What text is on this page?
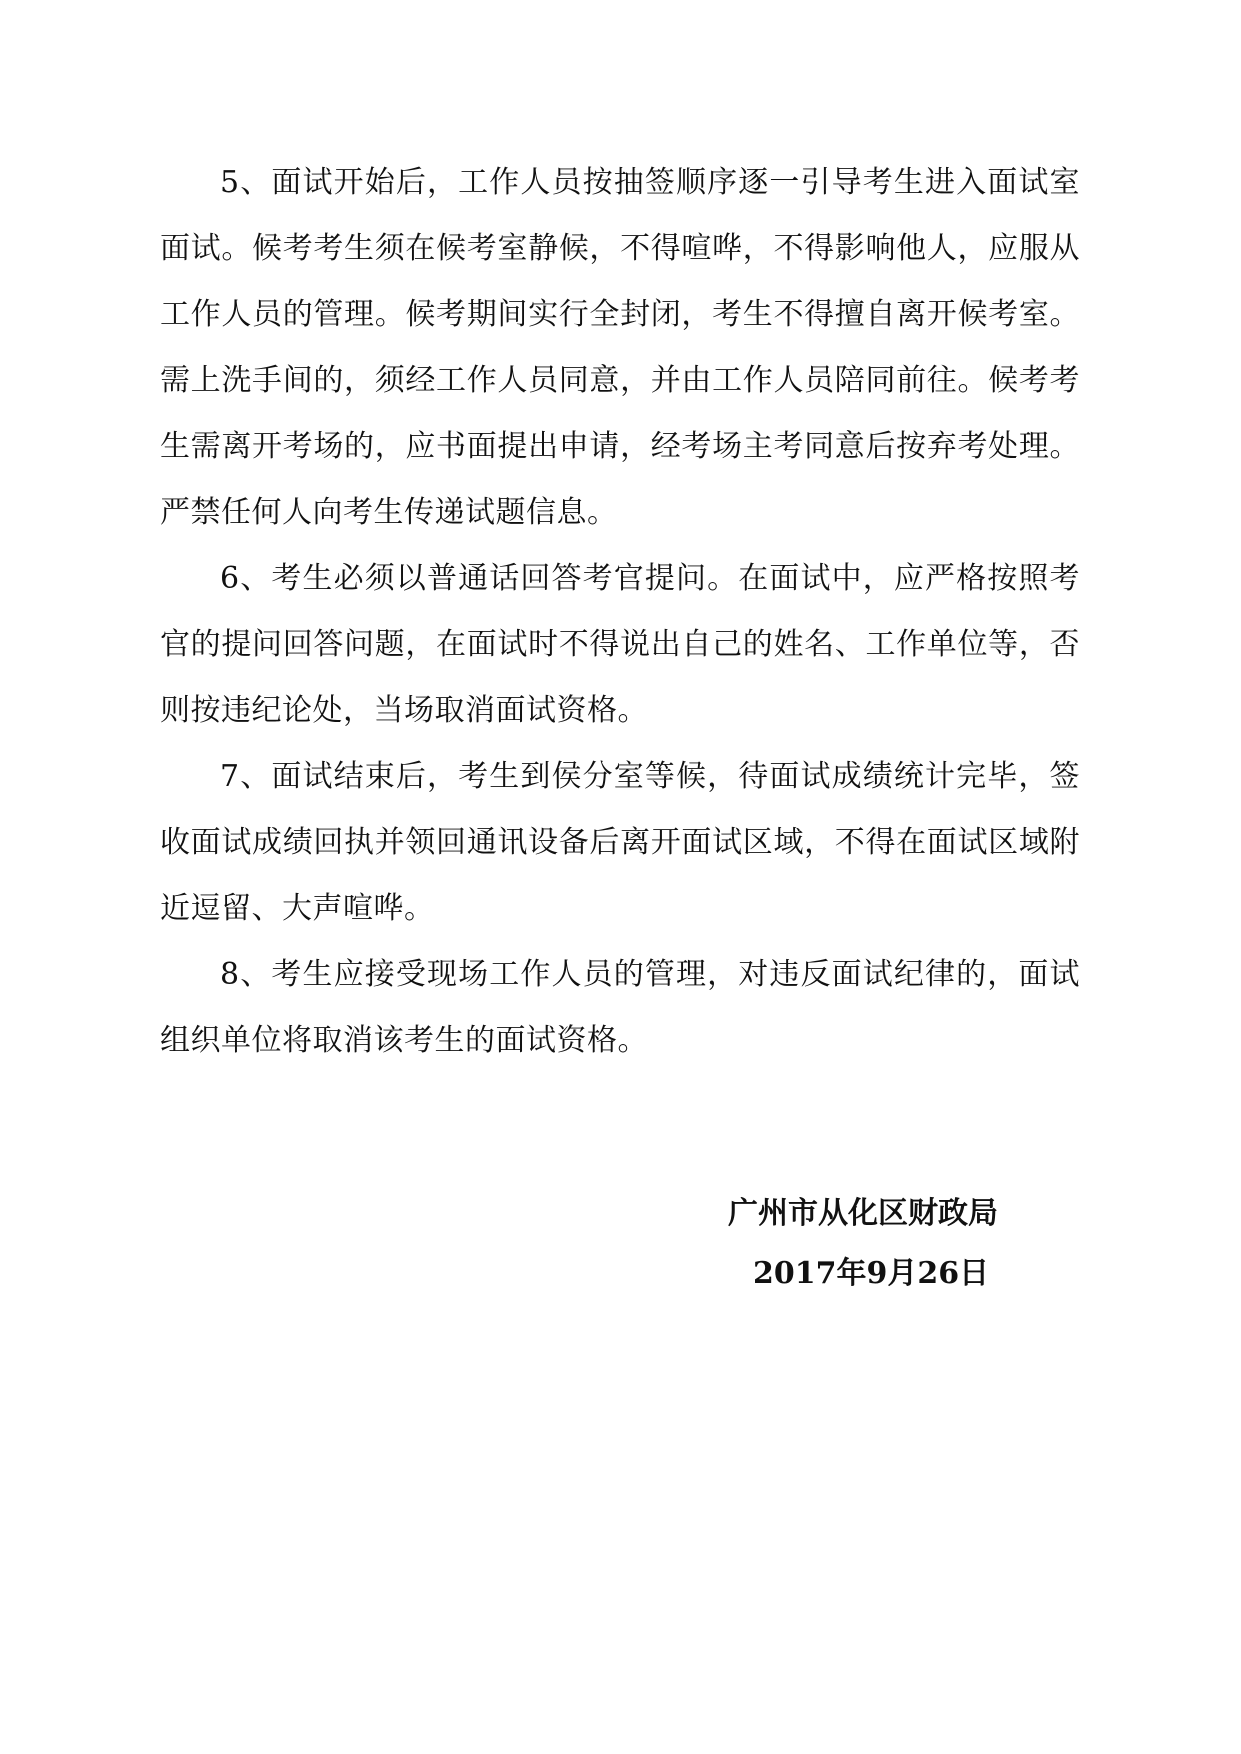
5、面试开始后，工作人员按抽签顺序逐一引导考生进入面试室面试。候考考生须在候考室静候，不得喧哗，不得影响他人，应服从工作人员的管理。候考期间实行全封闭，考生不得擅自离开候考室。需上洗手间的，须经工作人员同意，并由工作人员陪同前往。候考考生需离开考场的，应书面提出申请，经考场主考同意后按弃考处理。严禁任何人向考生传递试题信息。

6、考生必须以普通话回答考官提问。在面试中，应严格按照考官的提问回答问题，在面试时不得说出自己的姓名、工作单位等，否则按违纪论处，当场取消面试资格。

7、面试结束后，考生到侯分室等候，待面试成绩统计完毕，签收面试成绩回执并领回通讯设备后离开面试区域，不得在面试区域附近逗留、大声喧哗。

8、考生应接受现场工作人员的管理，对违反面试纪律的，面试组织单位将取消该考生的面试资格。

广州市从化区财政局
2017年9月26日
